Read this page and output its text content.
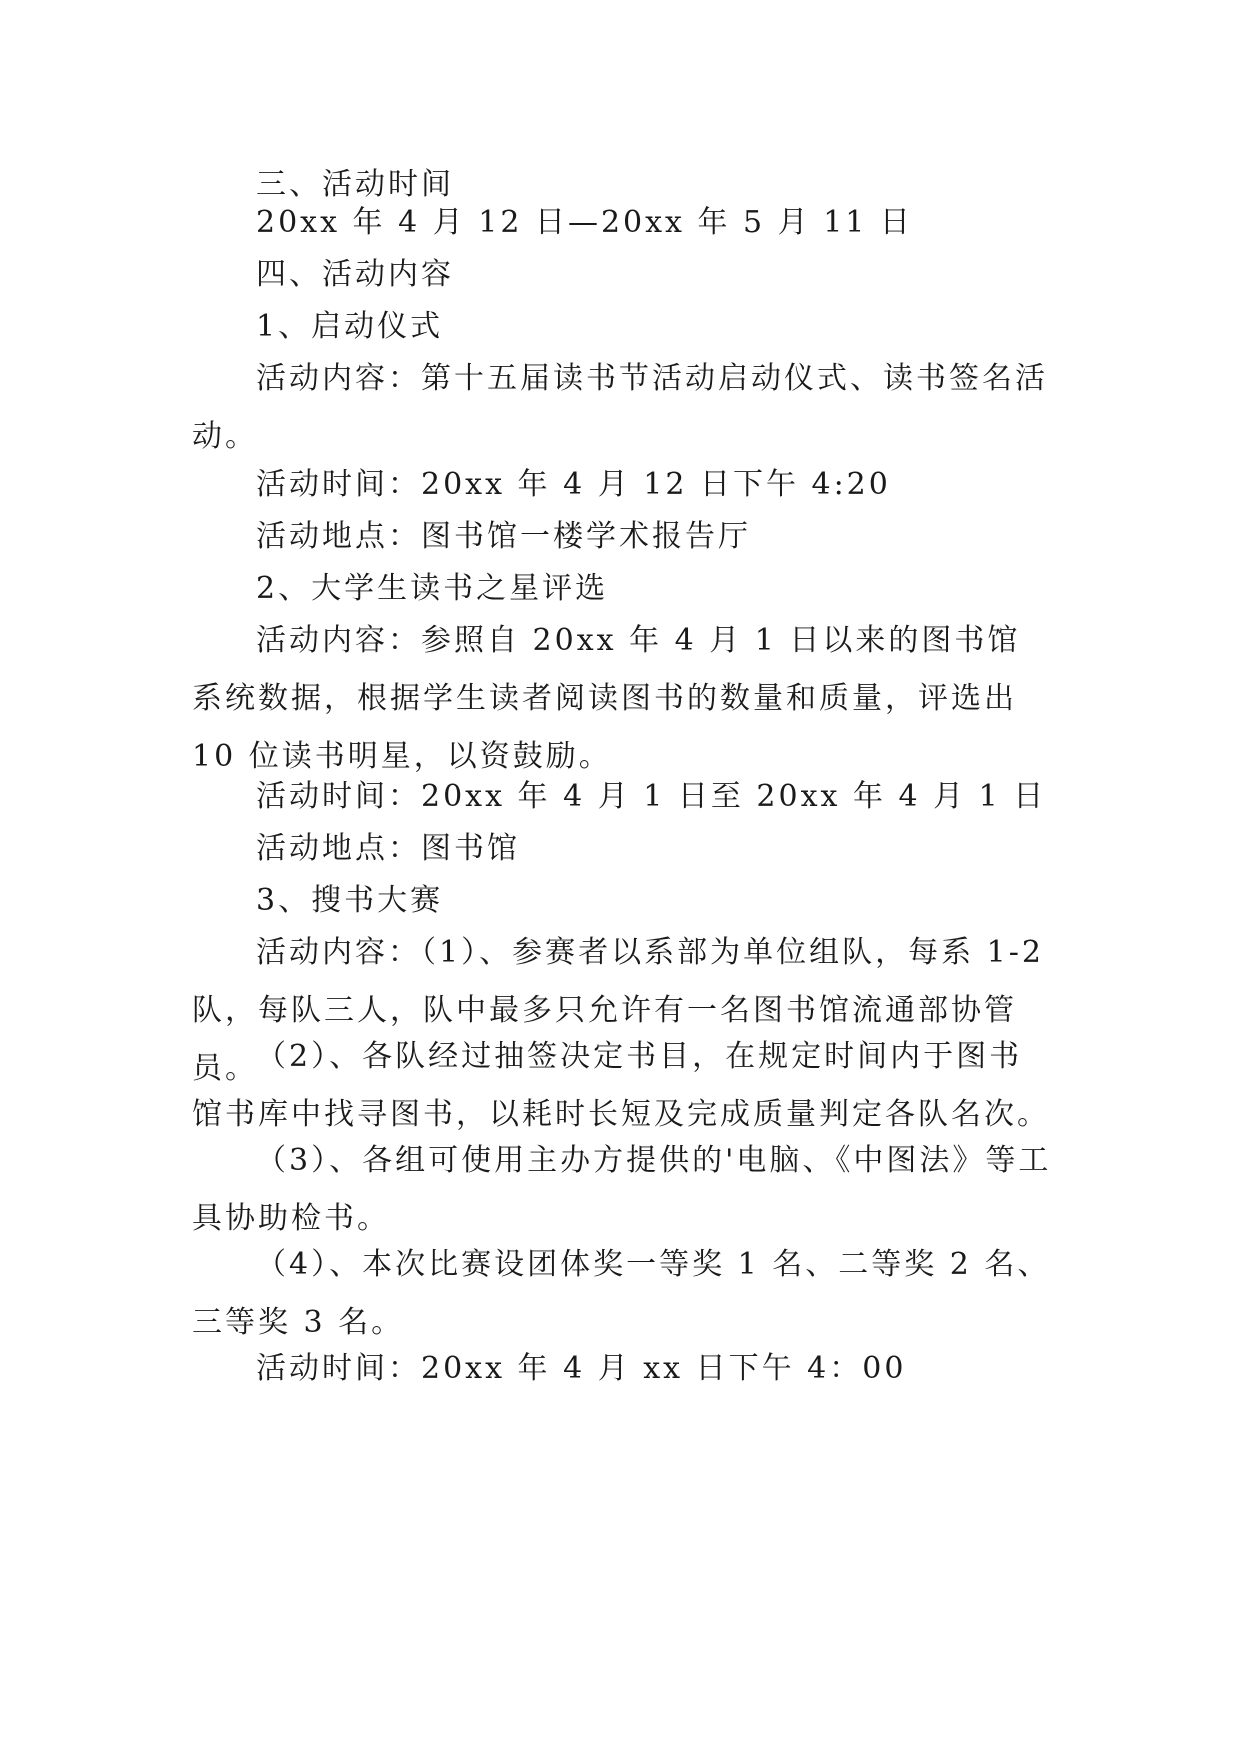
三、活动时间

20xx 年 4 月 12 日—20xx 年 5 月 11 日

四、活动内容

1、启动仪式

活动内容：第十五届读书节活动启动仪式、读书签名活动。

活动时间：20xx 年 4 月 12 日下午 4:20

活动地点：图书馆一楼学术报告厅

2、大学生读书之星评选

活动内容：参照自 20xx 年 4 月 1 日以来的图书馆系统数据，根据学生读者阅读图书的数量和质量，评选出 10 位读书明星，以资鼓励。

活动时间：20xx 年 4 月 1 日至 20xx 年 4 月 1 日

活动地点：图书馆

3、搜书大赛

活动内容：（1）、参赛者以系部为单位组队，每系 1-2 队，每队三人，队中最多只允许有一名图书馆流通部协管员。

（2）、各队经过抽签决定书目，在规定时间内于图书馆书库中找寻图书，以耗时长短及完成质量判定各队名次。

（3）、各组可使用主办方提供的'电脑、《中图法》等工具协助检书。

（4）、本次比赛设团体奖一等奖 1 名、二等奖 2 名、三等奖 3 名。

活动时间：20xx 年 4 月 xx 日下午 4：00
